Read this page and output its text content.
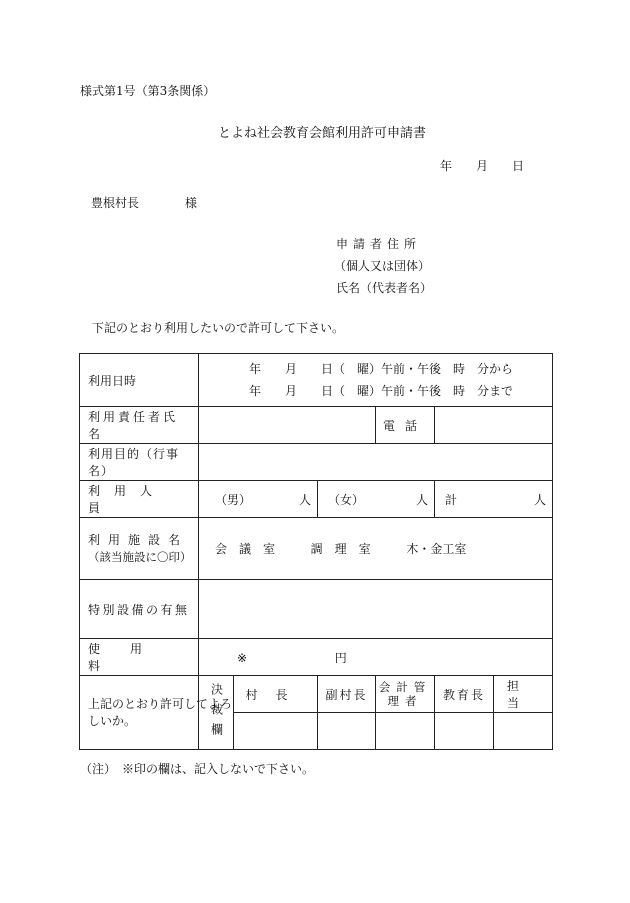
様式第1号（第3条関係）
とよね社会教育会館利用許可申請書
年 月 日
豊根村長	様
申請者住所
（個人又は団体）
氏名（代表者名）
下記のとおり利用したいので許可して下さい。
利用日時	年　　月　　日（　曜）午前・午後　時　分から
年　　月　　日（　曜）午前・午後　時　分まで					

利用責任者氏名				電話		
利用目的（行事名）						
利用人員	（男） 人		（女） 人		計 人	

利用施設名
（該当施設に〇印）	会　議　室 調　理　室 木・金工室					
特別設備の有無						
使用料	※ 円					

上記のとおり許可してよろしいか。	決裁欄	村長	副村長	会計管理者	教育長	担当

（注）　※印の欄は、記入しないで下さい。
